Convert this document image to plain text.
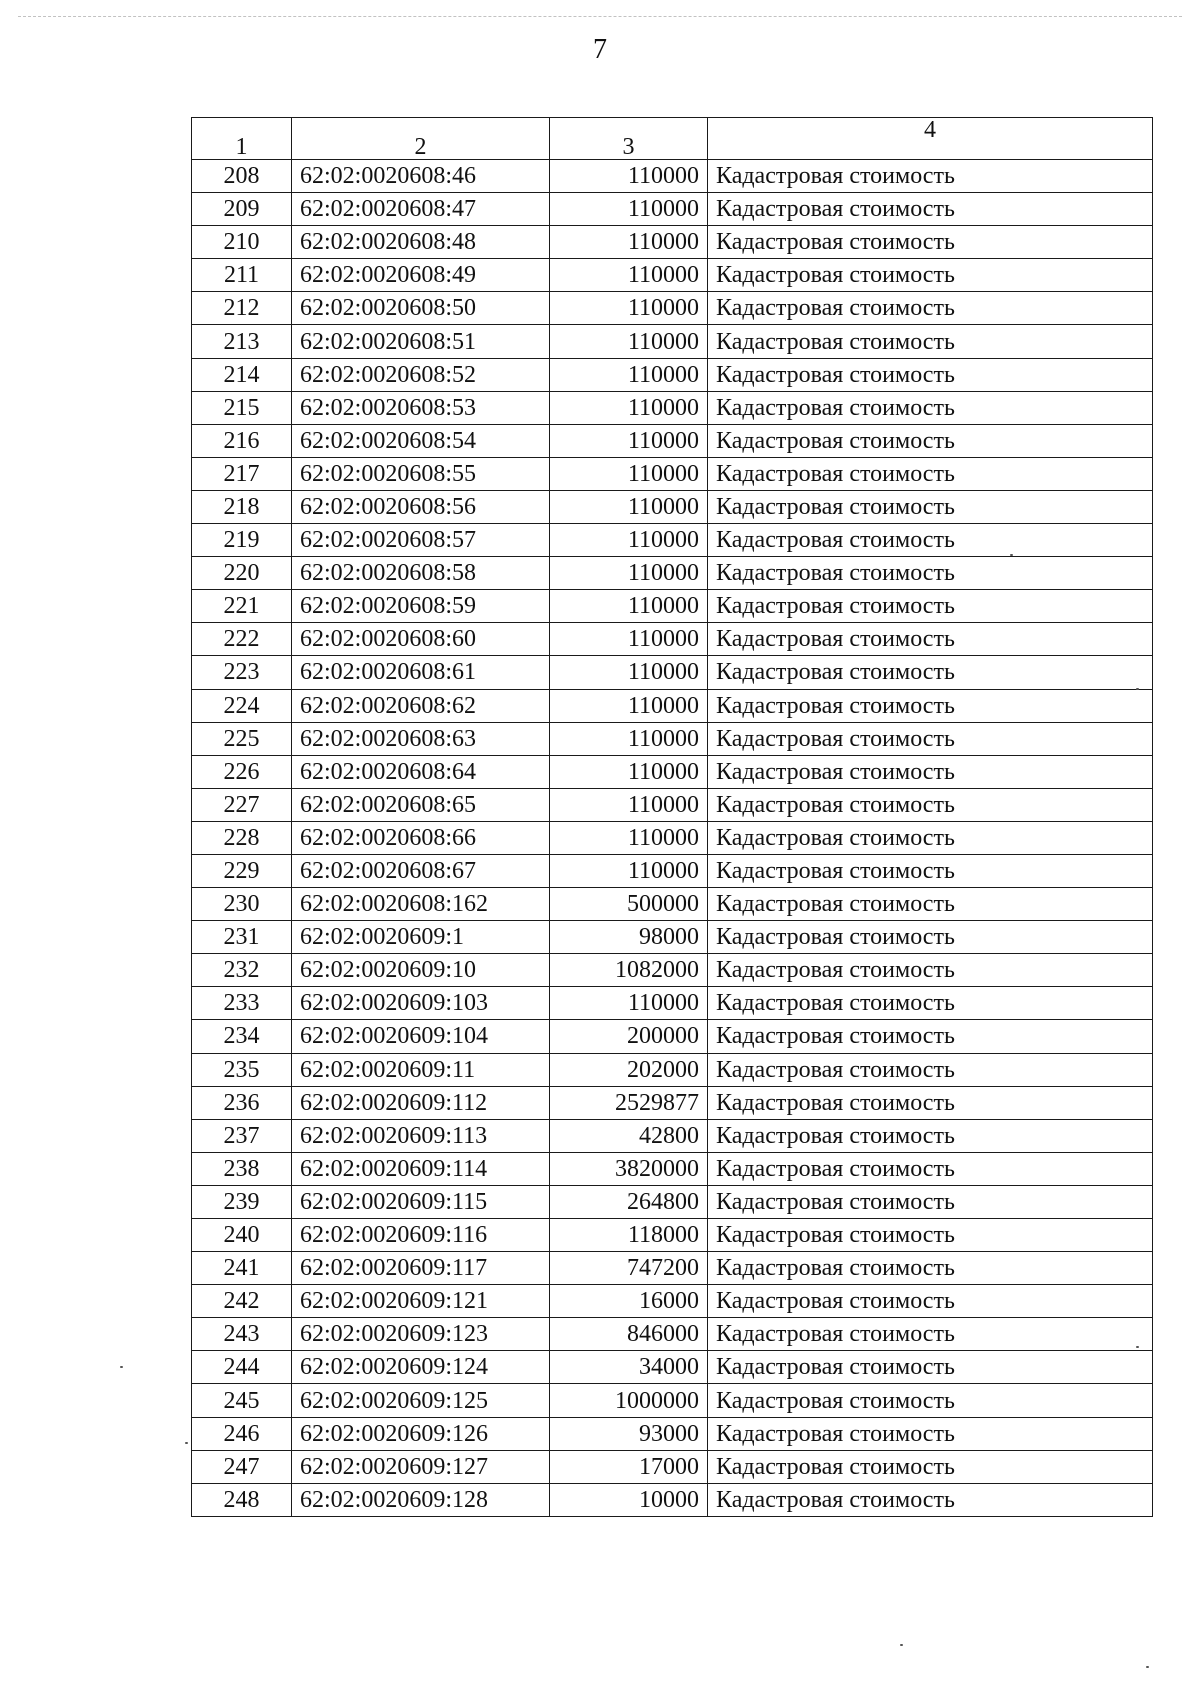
7
1	2	3	4
208	62:02:0020608:46	110000	Кадастровая стоимость
209	62:02:0020608:47	110000	Кадастровая стоимость
210	62:02:0020608:48	110000	Кадастровая стоимость
211	62:02:0020608:49	110000	Кадастровая стоимость
212	62:02:0020608:50	110000	Кадастровая стоимость
213	62:02:0020608:51	110000	Кадастровая стоимость
214	62:02:0020608:52	110000	Кадастровая стоимость
215	62:02:0020608:53	110000	Кадастровая стоимость
216	62:02:0020608:54	110000	Кадастровая стоимость
217	62:02:0020608:55	110000	Кадастровая стоимость
218	62:02:0020608:56	110000	Кадастровая стоимость
219	62:02:0020608:57	110000	Кадастровая стоимость
220	62:02:0020608:58	110000	Кадастровая стоимость
221	62:02:0020608:59	110000	Кадастровая стоимость
222	62:02:0020608:60	110000	Кадастровая стоимость
223	62:02:0020608:61	110000	Кадастровая стоимость
224	62:02:0020608:62	110000	Кадастровая стоимость
225	62:02:0020608:63	110000	Кадастровая стоимость
226	62:02:0020608:64	110000	Кадастровая стоимость
227	62:02:0020608:65	110000	Кадастровая стоимость
228	62:02:0020608:66	110000	Кадастровая стоимость
229	62:02:0020608:67	110000	Кадастровая стоимость
230	62:02:0020608:162	500000	Кадастровая стоимость
231	62:02:0020609:1	98000	Кадастровая стоимость
232	62:02:0020609:10	1082000	Кадастровая стоимость
233	62:02:0020609:103	110000	Кадастровая стоимость
234	62:02:0020609:104	200000	Кадастровая стоимость
235	62:02:0020609:11	202000	Кадастровая стоимость
236	62:02:0020609:112	2529877	Кадастровая стоимость
237	62:02:0020609:113	42800	Кадастровая стоимость
238	62:02:0020609:114	3820000	Кадастровая стоимость
239	62:02:0020609:115	264800	Кадастровая стоимость
240	62:02:0020609:116	118000	Кадастровая стоимость
241	62:02:0020609:117	747200	Кадастровая стоимость
242	62:02:0020609:121	16000	Кадастровая стоимость
243	62:02:0020609:123	846000	Кадастровая стоимость
244	62:02:0020609:124	34000	Кадастровая стоимость
245	62:02:0020609:125	1000000	Кадастровая стоимость
246	62:02:0020609:126	93000	Кадастровая стоимость
247	62:02:0020609:127	17000	Кадастровая стоимость
248	62:02:0020609:128	10000	Кадастровая стоимость
